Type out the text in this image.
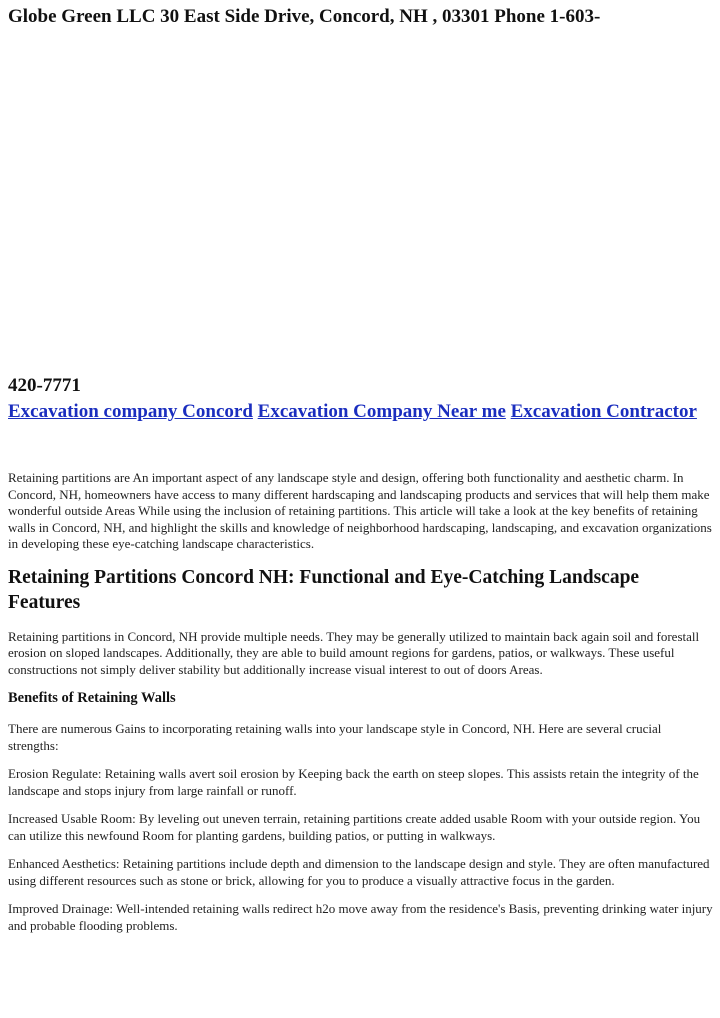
Globe Green LLC 30 East Side Drive, Concord, NH , 03301 Phone 1-603-
420-7771
Excavation company Concord Excavation Company Near me Excavation Contractor

Retaining partitions are An important aspect of any landscape style and design, offering both functionality and aesthetic charm. In Concord, NH, homeowners have access to many different hardscaping and landscaping products and services that will help them make wonderful outside Areas While using the inclusion of retaining partitions. This article will take a look at the key benefits of retaining walls in Concord, NH, and highlight the skills and knowledge of neighborhood hardscaping, landscaping, and excavation organizations in developing these eye-catching landscape characteristics.

Retaining Partitions Concord NH: Functional and Eye-Catching Landscape Features

Retaining partitions in Concord, NH provide multiple needs. They may be generally utilized to maintain back again soil and forestall erosion on sloped landscapes. Additionally, they are able to build amount regions for gardens, patios, or walkways. These useful constructions not simply deliver stability but additionally increase visual interest to out of doors Areas.

Benefits of Retaining Walls

There are numerous Gains to incorporating retaining walls into your landscape style in Concord, NH. Here are several crucial strengths:

Erosion Regulate: Retaining walls avert soil erosion by Keeping back the earth on steep slopes. This assists retain the integrity of the landscape and stops injury from large rainfall or runoff.

Increased Usable Room: By leveling out uneven terrain, retaining partitions create added usable Room with your outside region. You can utilize this newfound Room for planting gardens, building patios, or putting in walkways.

Enhanced Aesthetics: Retaining partitions include depth and dimension to the landscape design and style. They are often manufactured using different resources such as stone or brick, allowing for you to produce a visually attractive focus in the garden.

Improved Drainage: Well-intended retaining walls redirect h2o move away from the residence's Basis, preventing drinking water injury and probable flooding problems.
